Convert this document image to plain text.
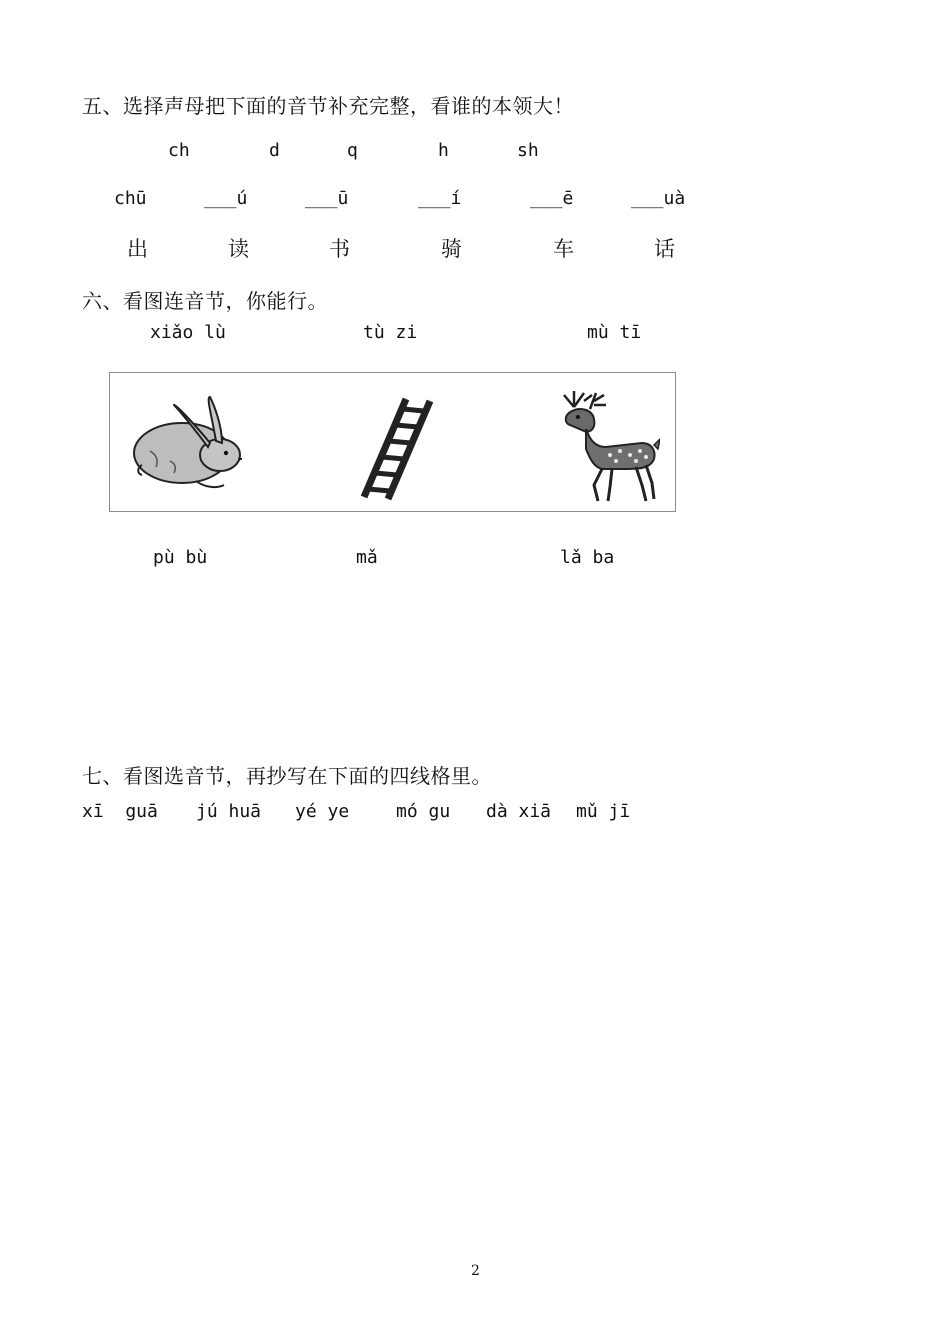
五、选择声母把下面的音节补充完整，看谁的本领大！
ch	d	q	h	sh
chū	___ú	___ū	___í	___ē	___uà
出	读	书	骑	车	话
六、看图连音节，你能行。
xiǎo lù	tù zi	mù tī
pù bù	mǎ	lǎ ba
七、看图选音节，再抄写在下面的四线格里。
xī  guā jú huā yé ye	mó gu dà xiā mǔ jī
2
